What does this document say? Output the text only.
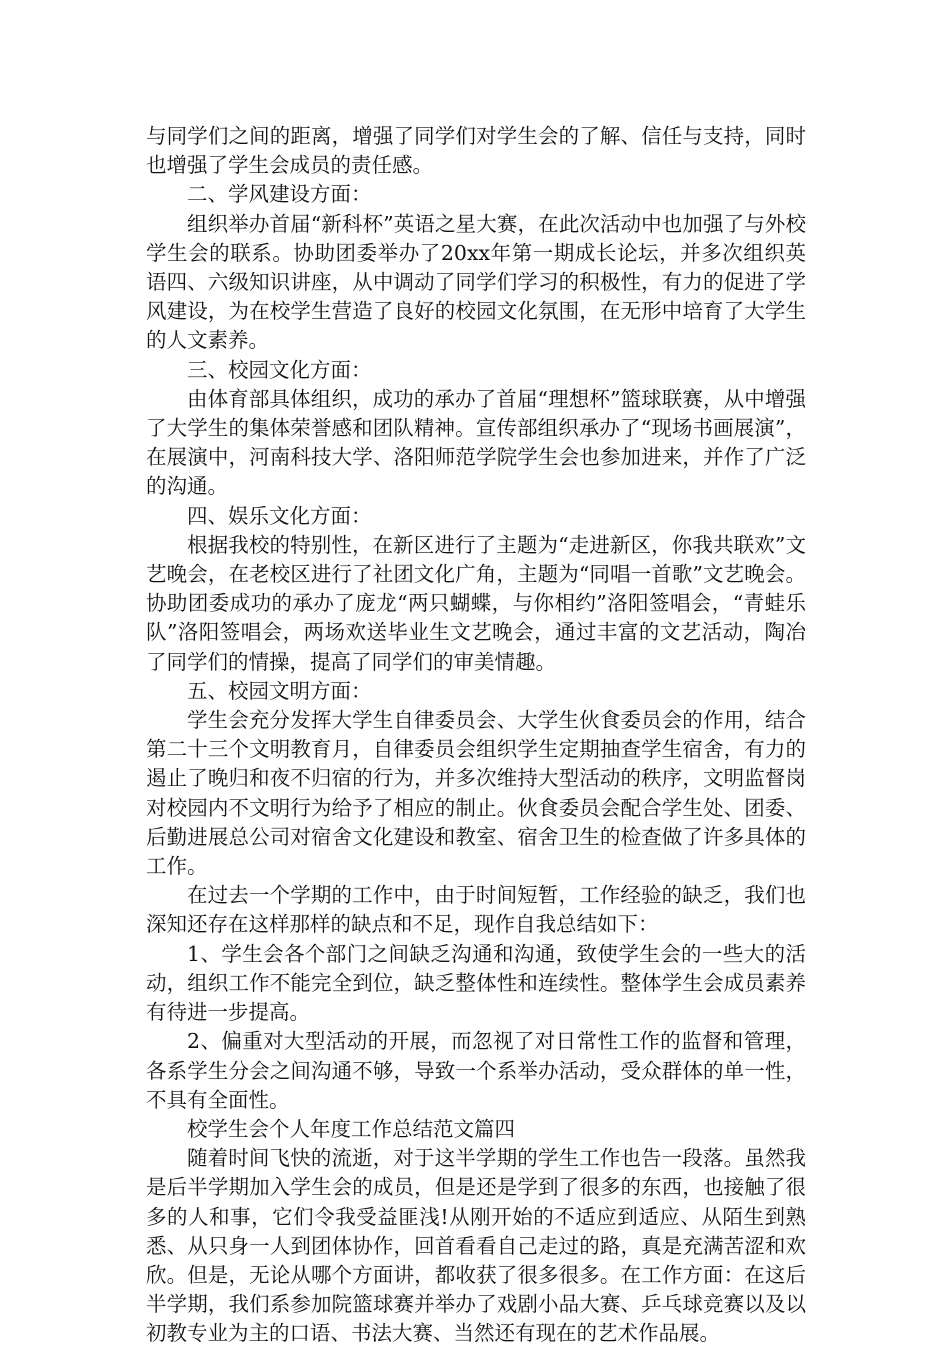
与同学们之间的距离，增强了同学们对学生会的了解、信任与支持，同时也增强了学生会成员的责任感。

二、学风建设方面：

组织举办首届“新科杯”英语之星大赛，在此次活动中也加强了与外校学生会的联系。协助团委举办了20xx年第一期成长论坛，并多次组织英语四、六级知识讲座，从中调动了同学们学习的积极性，有力的促进了学风建设，为在校学生营造了良好的校园文化氛围，在无形中培育了大学生的人文素养。

三、校园文化方面：

由体育部具体组织，成功的承办了首届“理想杯”篮球联赛，从中增强了大学生的集体荣誉感和团队精神。宣传部组织承办了“现场书画展演”，在展演中，河南科技大学、洛阳师范学院学生会也参加进来，并作了广泛的沟通。

四、娱乐文化方面：

根据我校的特别性，在新区进行了主题为“走进新区，你我共联欢”文艺晚会，在老校区进行了社团文化广角，主题为“同唱一首歌”文艺晚会。协助团委成功的承办了庞龙“两只蝴蝶，与你相约”洛阳签唱会，“青蛙乐队”洛阳签唱会，两场欢送毕业生文艺晚会，通过丰富的文艺活动，陶冶了同学们的情操，提高了同学们的审美情趣。

五、校园文明方面：

学生会充分发挥大学生自律委员会、大学生伙食委员会的作用，结合第二十三个文明教育月，自律委员会组织学生定期抽查学生宿舍，有力的遏止了晚归和夜不归宿的行为，并多次维持大型活动的秩序，文明监督岗对校园内不文明行为给予了相应的制止。伙食委员会配合学生处、团委、后勤进展总公司对宿舍文化建设和教室、宿舍卫生的检查做了许多具体的工作。

在过去一个学期的工作中，由于时间短暂，工作经验的缺乏，我们也深知还存在这样那样的缺点和不足，现作自我总结如下：

1、学生会各个部门之间缺乏沟通和沟通，致使学生会的一些大的活动，组织工作不能完全到位，缺乏整体性和连续性。整体学生会成员素养有待进一步提高。

2、偏重对大型活动的开展，而忽视了对日常性工作的监督和管理，各系学生分会之间沟通不够，导致一个系举办活动，受众群体的单一性，不具有全面性。

校学生会个人年度工作总结范文篇四

随着时间飞快的流逝，对于这半学期的学生工作也告一段落。虽然我是后半学期加入学生会的成员，但是还是学到了很多的东西，也接触了很多的人和事，它们令我受益匪浅!从刚开始的不适应到适应、从陌生到熟悉、从只身一人到团体协作，回首看看自己走过的路，真是充满苦涩和欢欣。但是，无论从哪个方面讲，都收获了很多很多。在工作方面：在这后半学期，我们系参加院篮球赛并举办了戏剧小品大赛、乒乓球竞赛以及以初教专业为主的口语、书法大赛、当然还有现在的艺术作品展。
